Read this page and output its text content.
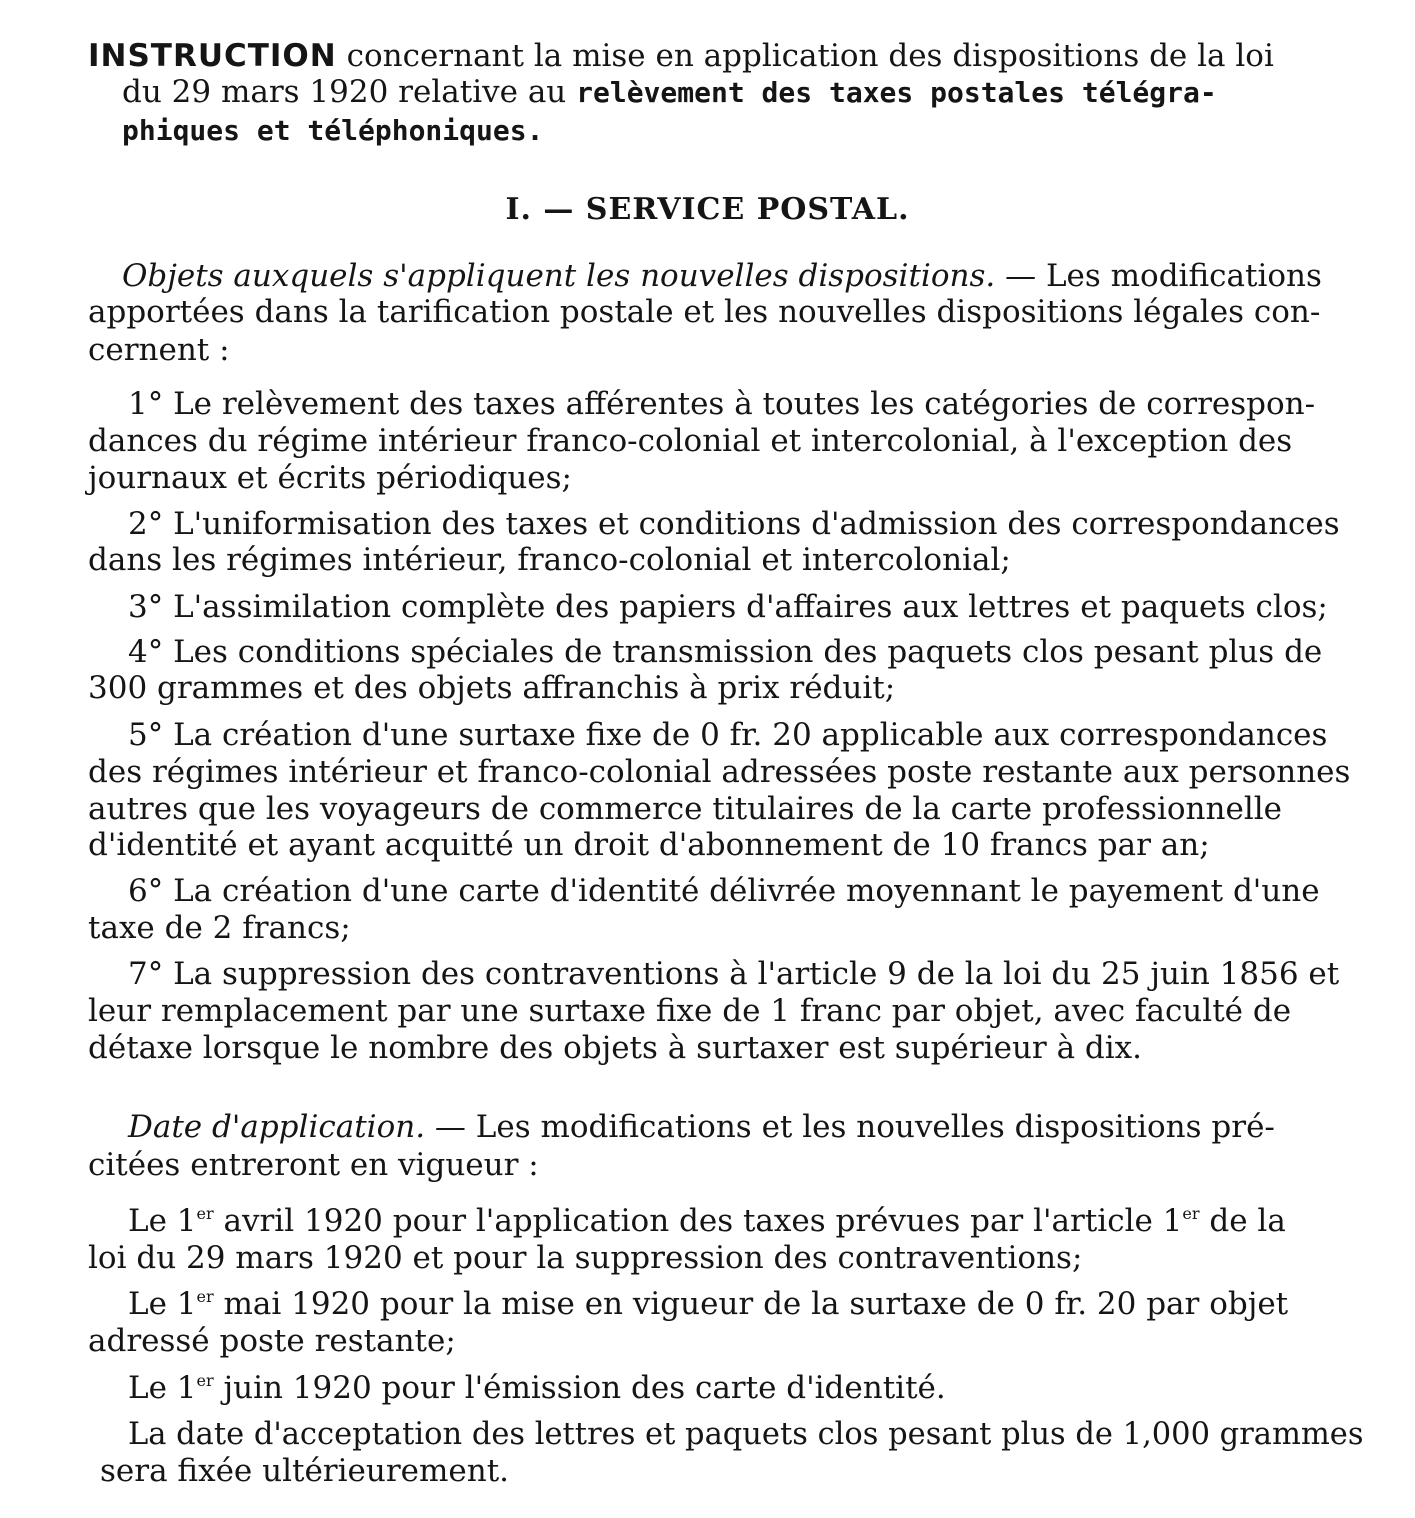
INSTRUCTION concernant la mise en application des dispositions de la loi
du 29 mars 1920 relative au relèvement des taxes postales télégra-
phiques et téléphoniques.
I. — SERVICE POSTAL.
Objets auxquels s'appliquent les nouvelles dispositions. — Les modifications
apportées dans la tarification postale et les nouvelles dispositions légales con-
cernent :
1° Le relèvement des taxes afférentes à toutes les catégories de correspon-
dances du régime intérieur franco-colonial et intercolonial, à l'exception des
journaux et écrits périodiques;
2° L'uniformisation des taxes et conditions d'admission des correspondances
dans les régimes intérieur, franco-colonial et intercolonial;
3° L'assimilation complète des papiers d'affaires aux lettres et paquets clos;
4° Les conditions spéciales de transmission des paquets clos pesant plus de
300 grammes et des objets affranchis à prix réduit;
5° La création d'une surtaxe fixe de 0 fr. 20 applicable aux correspondances
des régimes intérieur et franco-colonial adressées poste restante aux personnes
autres que les voyageurs de commerce titulaires de la carte professionnelle
d'identité et ayant acquitté un droit d'abonnement de 10 francs par an;
6° La création d'une carte d'identité délivrée moyennant le payement d'une
taxe de 2 francs;
7° La suppression des contraventions à l'article 9 de la loi du 25 juin 1856 et
leur remplacement par une surtaxe fixe de 1 franc par objet, avec faculté de
détaxe lorsque le nombre des objets à surtaxer est supérieur à dix.
Date d'application. — Les modifications et les nouvelles dispositions pré-
citées entreront en vigueur :
Le 1er avril 1920 pour l'application des taxes prévues par l'article 1er de la
loi du 29 mars 1920 et pour la suppression des contraventions;
Le 1er mai 1920 pour la mise en vigueur de la surtaxe de 0 fr. 20 par objet
adressé poste restante;
Le 1er juin 1920 pour l'émission des carte d'identité.
La date d'acceptation des lettres et paquets clos pesant plus de 1,000 grammes
sera fixée ultérieurement.
